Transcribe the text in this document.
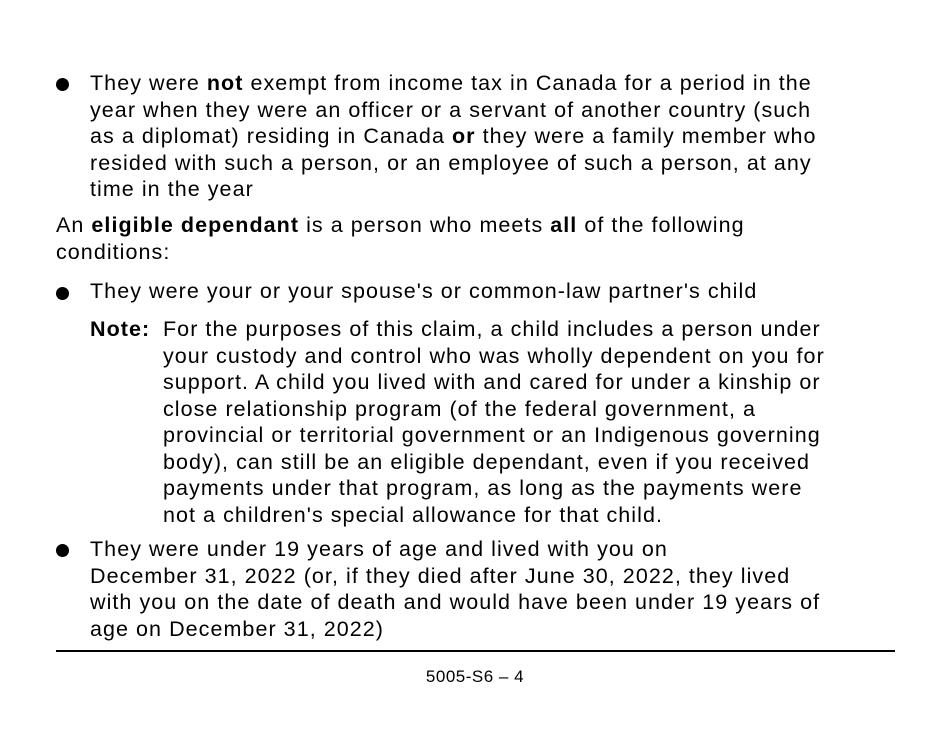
They were not exempt from income tax in Canada for a period in the
year when they were an officer or a servant of another country (such
as a diplomat) residing in Canada or they were a family member who
resided with such a person, or an employee of such a person, at any
time in the year
An eligible dependant is a person who meets all of the following
conditions:
They were your or your spouse's or common-law partner's child
Note: For the purposes of this claim, a child includes a person under
your custody and control who was wholly dependent on you for
support. A child you lived with and cared for under a kinship or
close relationship program (of the federal government, a
provincial or territorial government or an Indigenous governing
body), can still be an eligible dependant, even if you received
payments under that program, as long as the payments were
not a children's special allowance for that child.
They were under 19 years of age and lived with you on
December 31, 2022 (or, if they died after June 30, 2022, they lived
with you on the date of death and would have been under 19 years of
age on December 31, 2022)
5005-S6 – 4
